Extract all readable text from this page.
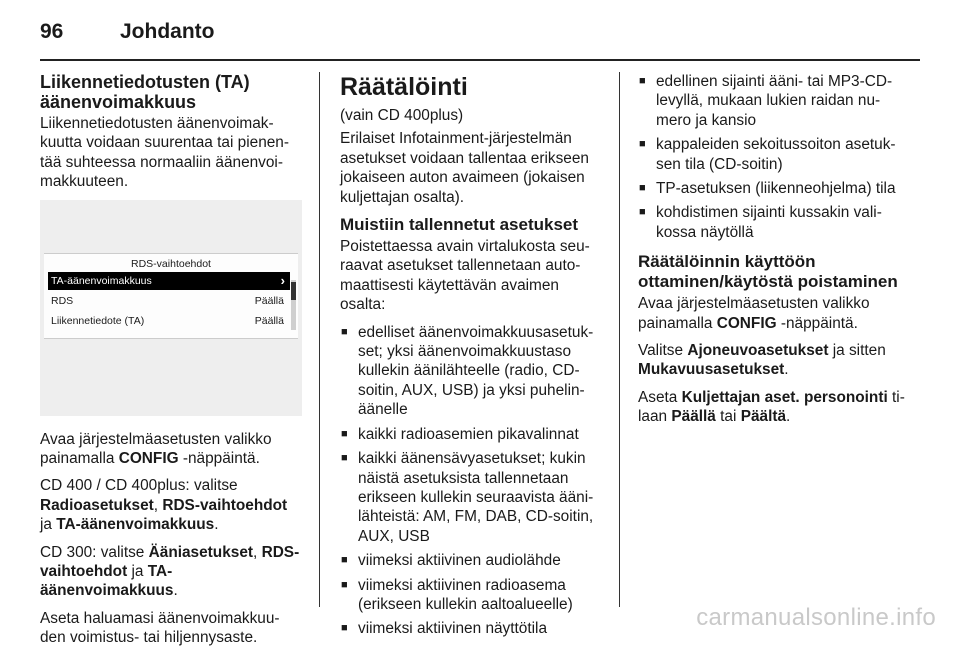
96	Johdanto
Liikennetiedotusten (TA)
äänenvoimakkuus

Liikennetiedotusten äänenvoimak-kuutta voidaan suurentaa tai pienen-tää suhteessa normaaliin äänenvoi-makkuuteen.

RDS-vaihtoehdot
TA-äänenvoimakkuus	›
RDS	Päällä
Liikennetiedote (TA)	Päällä

Avaa järjestelmäasetusten valikko painamalla CONFIG -näppäintä.

CD 400 / CD 400plus: valitse Radioasetukset, RDS-vaihtoehdot ja TA-äänenvoimakkuus.

CD 300: valitse Ääniasetukset, RDS-vaihtoehdot ja TA-äänenvoimakkuus.

Aseta haluamasi äänenvoimakkuu-den voimistus- tai hiljennysaste.

Räätälöinti

(vain CD 400plus)

Erilaiset Infotainment-järjestelmän asetukset voidaan tallentaa erikseen jokaiseen auton avaimeen (jokaisen kuljettajan osalta).

Muistiin tallennetut asetukset

Poistettaessa avain virtalukosta seu-raavat asetukset tallennetaan auto-maattisesti käytettävän avaimen osalta:

■ edelliset äänenvoimakkuusasetuk-set; yksi äänenvoimakkuustaso kullekin äänilähteelle (radio, CD-soitin, AUX, USB) ja yksi puhelin-äänelle
■ kaikki radioasemien pikavalinnat
■ kaikki äänensävyasetukset; kukin näistä asetuksista tallennetaan erikseen kullekin seuraavista ääni-lähteistä: AM, FM, DAB, CD-soitin, AUX, USB
■ viimeksi aktiivinen audiolähde
■ viimeksi aktiivinen radioasema (erikseen kullekin aaltoalueelle)
■ viimeksi aktiivinen näyttötila
■ edellinen sijainti ääni- tai MP3-CD-levyllä, mukaan lukien raidan nu-mero ja kansio
■ kappaleiden sekoitussoiton asetuk-sen tila (CD-soitin)
■ TP-asetuksen (liikenneohjelma) tila
■ kohdistimen sijainti kussakin vali-kossa näytöllä
Räätälöinnin käyttöön ottaminen/käytöstä poistaminen

Avaa järjestelmäasetusten valikko painamalla CONFIG -näppäintä.

Valitse Ajoneuvoasetukset ja sitten Mukavuusasetukset.

Aseta Kuljettajan aset. personointi ti-laan Päällä tai Päältä.

carmanualsonline.info
